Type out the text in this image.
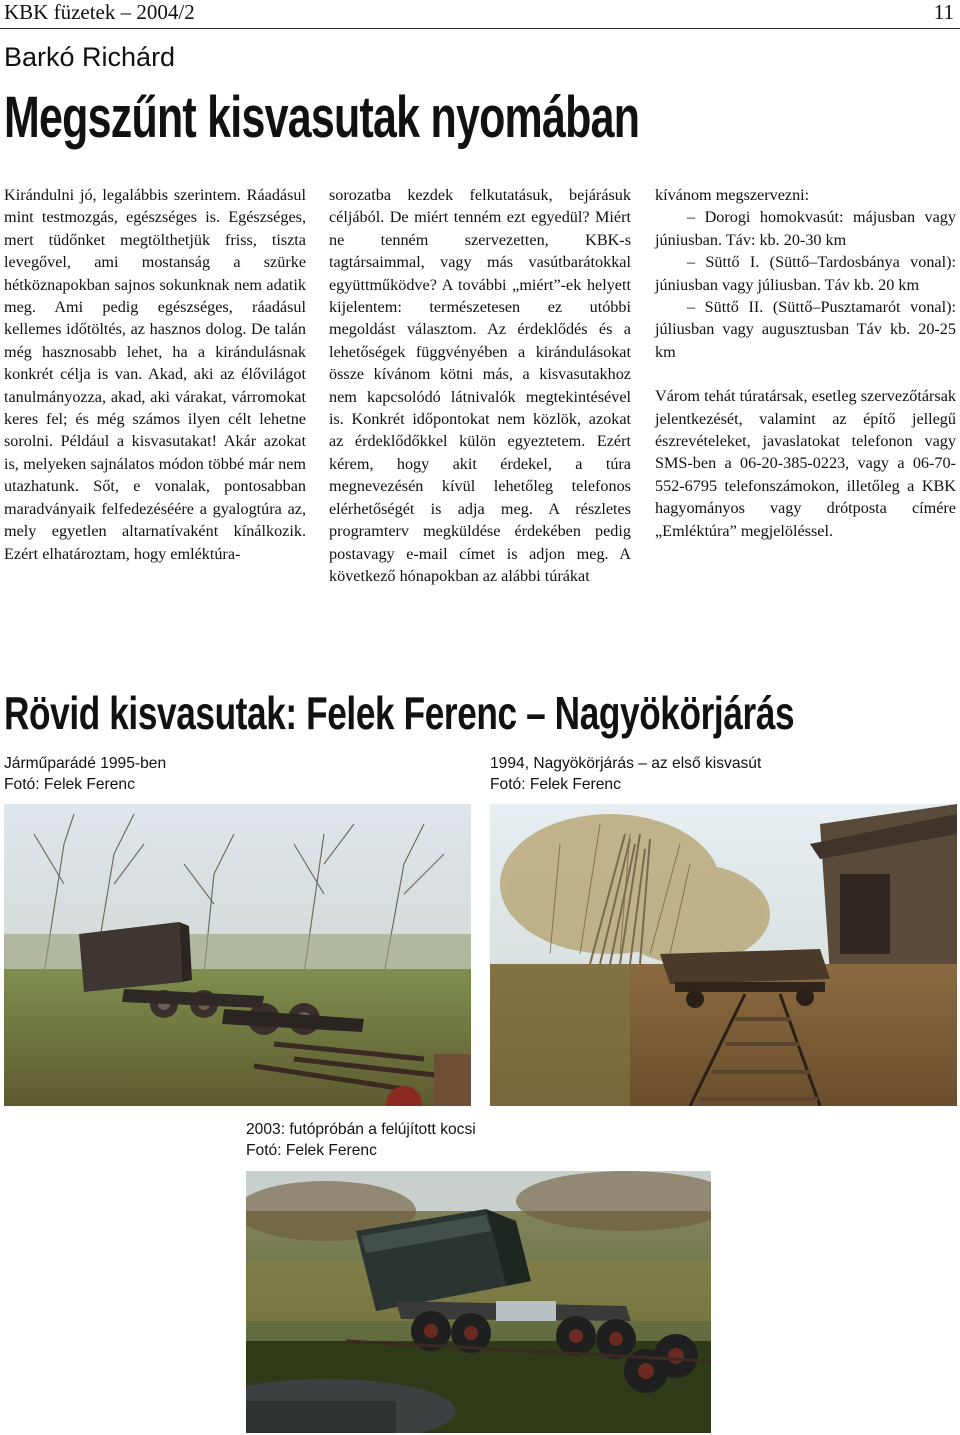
KBK füzetek – 2004/2	11
Barkó Richárd
Megszűnt kisvasutak nyomában

Kirándulni jó, legalábbis szerintem. Ráadásul mint testmozgás, egészséges is. Egészséges, mert tüdőnket megtölthetjük friss, tiszta levegővel, ami mostanság a szürke hétköznapokban sajnos sokunknak nem adatik meg. Ami pedig egészséges, ráadásul kellemes időtöltés, az hasznos dolog. De talán még hasznosabb lehet, ha a kirándulásnak konkrét célja is van. Akad, aki az élővilágot tanulmányozza, akad, aki várakat, várromokat keres fel; és még számos ilyen célt lehetne sorolni. Például a kisvasutakat! Akár azokat is, melyeken sajnálatos módon többé már nem utazhatunk. Sőt, e vonalak, pontosabban maradványaik felfedezéséére a gyalogtúra az, mely egyetlen altarnatívaként kínálkozik. Ezért elhatároztam, hogy emléktúra-

sorozatba kezdek felkutatásuk, bejárásuk céljából. De miért tenném ezt egyedül? Miért ne tenném szervezetten, KBK-s tagtársaimmal, vagy más vasútbarátokkal együttműködve? A további „miért”-ek helyett kijelentem: természetesen ez utóbbi megoldást választom. Az érdeklődés és a lehetőségek függvényében a kirándulásokat össze kívánom kötni más, a kisvasutakhoz nem kapcsolódó látnivalók megtekintésével is. Konkrét időpontokat nem közlök, azokat az érdeklődőkkel külön egyeztetem. Ezért kérem, hogy akit érdekel, a túra megnevezésén kívül lehetőleg telefonos elérhetőségét is adja meg. A részletes programterv megküldése érdekében pedig postavagy e-mail címet is adjon meg. A következő hónapokban az alábbi túrákat

kívánom megszervezni:

– Dorogi homokvasút: májusban vagy júniusban. Táv: kb. 20-30 km

– Süttő I. (Süttő–Tardosbánya vonal): júniusban vagy júliusban. Táv kb. 20 km

– Süttő II. (Süttő–Pusztamarót vonal): júliusban vagy augusztusban Táv kb. 20-25 km

Várom tehát túratársak, esetleg szervezőtársak jelentkezését, valamint az építő jellegű észrevételeket, javaslatokat telefonon vagy SMS-ben a 06-20-385-0223, vagy a 06-70-552-6795 telefonszámokon, illetőleg a KBK hagyományos vagy drótposta címére „Emléktúra” megjelöléssel.

Rövid kisvasutak: Felek Ferenc – Nagyökörjárás
Járműparádé 1995-ben
Fotó: Felek Ferenc
1994, Nagyökörjárás – az első kisvasút
Fotó: Felek Ferenc
2003: futópróbán a felújított kocsi
Fotó: Felek Ferenc
